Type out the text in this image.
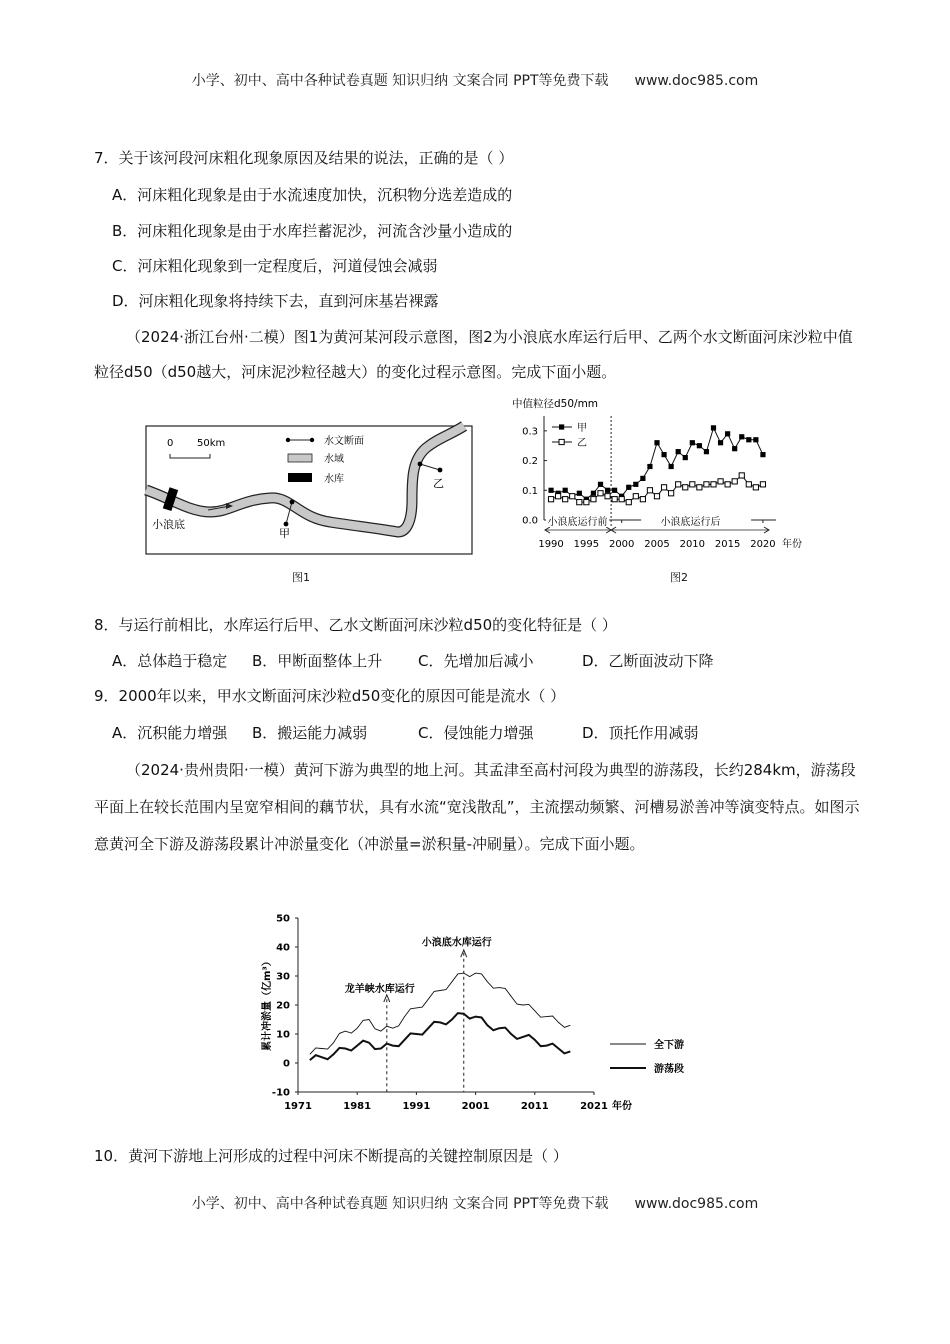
小学、初中、高中各种试卷真题 知识归纳 文案合同 PPT等免费下载 www.doc985.com
7．关于该河段河床粗化现象原因及结果的说法，正确的是（ ）
A．河床粗化现象是由于水流速度加快，沉积物分选差造成的
B．河床粗化现象是由于水库拦蓄泥沙，河流含沙量小造成的
C．河床粗化现象到一定程度后，河道侵蚀会减弱
D．河床粗化现象将持续下去，直到河床基岩裸露
（2024·浙江台州·二模）图1为黄河某河段示意图，图2为小浪底水库运行后甲、乙两个水文断面河床沙粒中值粒径d50（d50越大，河床泥沙粒径越大）的变化过程示意图。完成下面小题。
小浪底
甲
乙
0 50km	水文断面
水域
水库
图1
中值粒径d50/mm
0.0
0.1
0.2
0.3
1990 1995 2000 2005 2010 2015 2020 年份
小浪底运行前	小浪底运行后
甲
乙
图2
8．与运行前相比，水库运行后甲、乙水文断面河床沙粒d50的变化特征是（ ）
A．总体趋于稳定 B．甲断面整体上升 C．先增加后减小	D．乙断面波动下降
9．2000年以来，甲水文断面河床沙粒d50变化的原因可能是流水（ ）
A．沉积能力增强 B．搬运能力减弱	C．侵蚀能力增强	D．顶托作用减弱
（2024·贵州贵阳·一模）黄河下游为典型的地上河。其孟津至高村河段为典型的游荡段，长约284km，游荡段平面上在较长范围内呈宽窄相间的藕节状，具有水流“宽浅散乱”，主流摆动频繁、河槽易淤善冲等演变特点。如图示意黄河全下游及游荡段累计冲淤量变化（冲淤量=淤积量-冲刷量）。完成下面小题。
累计冲淤量（亿m³）
-10
0
10
20
30
40
50
1971	1981	1991	2001	2011	2021 年份
龙羊峡水库运行
小浪底水库运行
全下游
游荡段
10．黄河下游地上河形成的过程中河床不断提高的关键控制原因是（ ）
小学、初中、高中各种试卷真题 知识归纳 文案合同 PPT等免费下载 www.doc985.com
